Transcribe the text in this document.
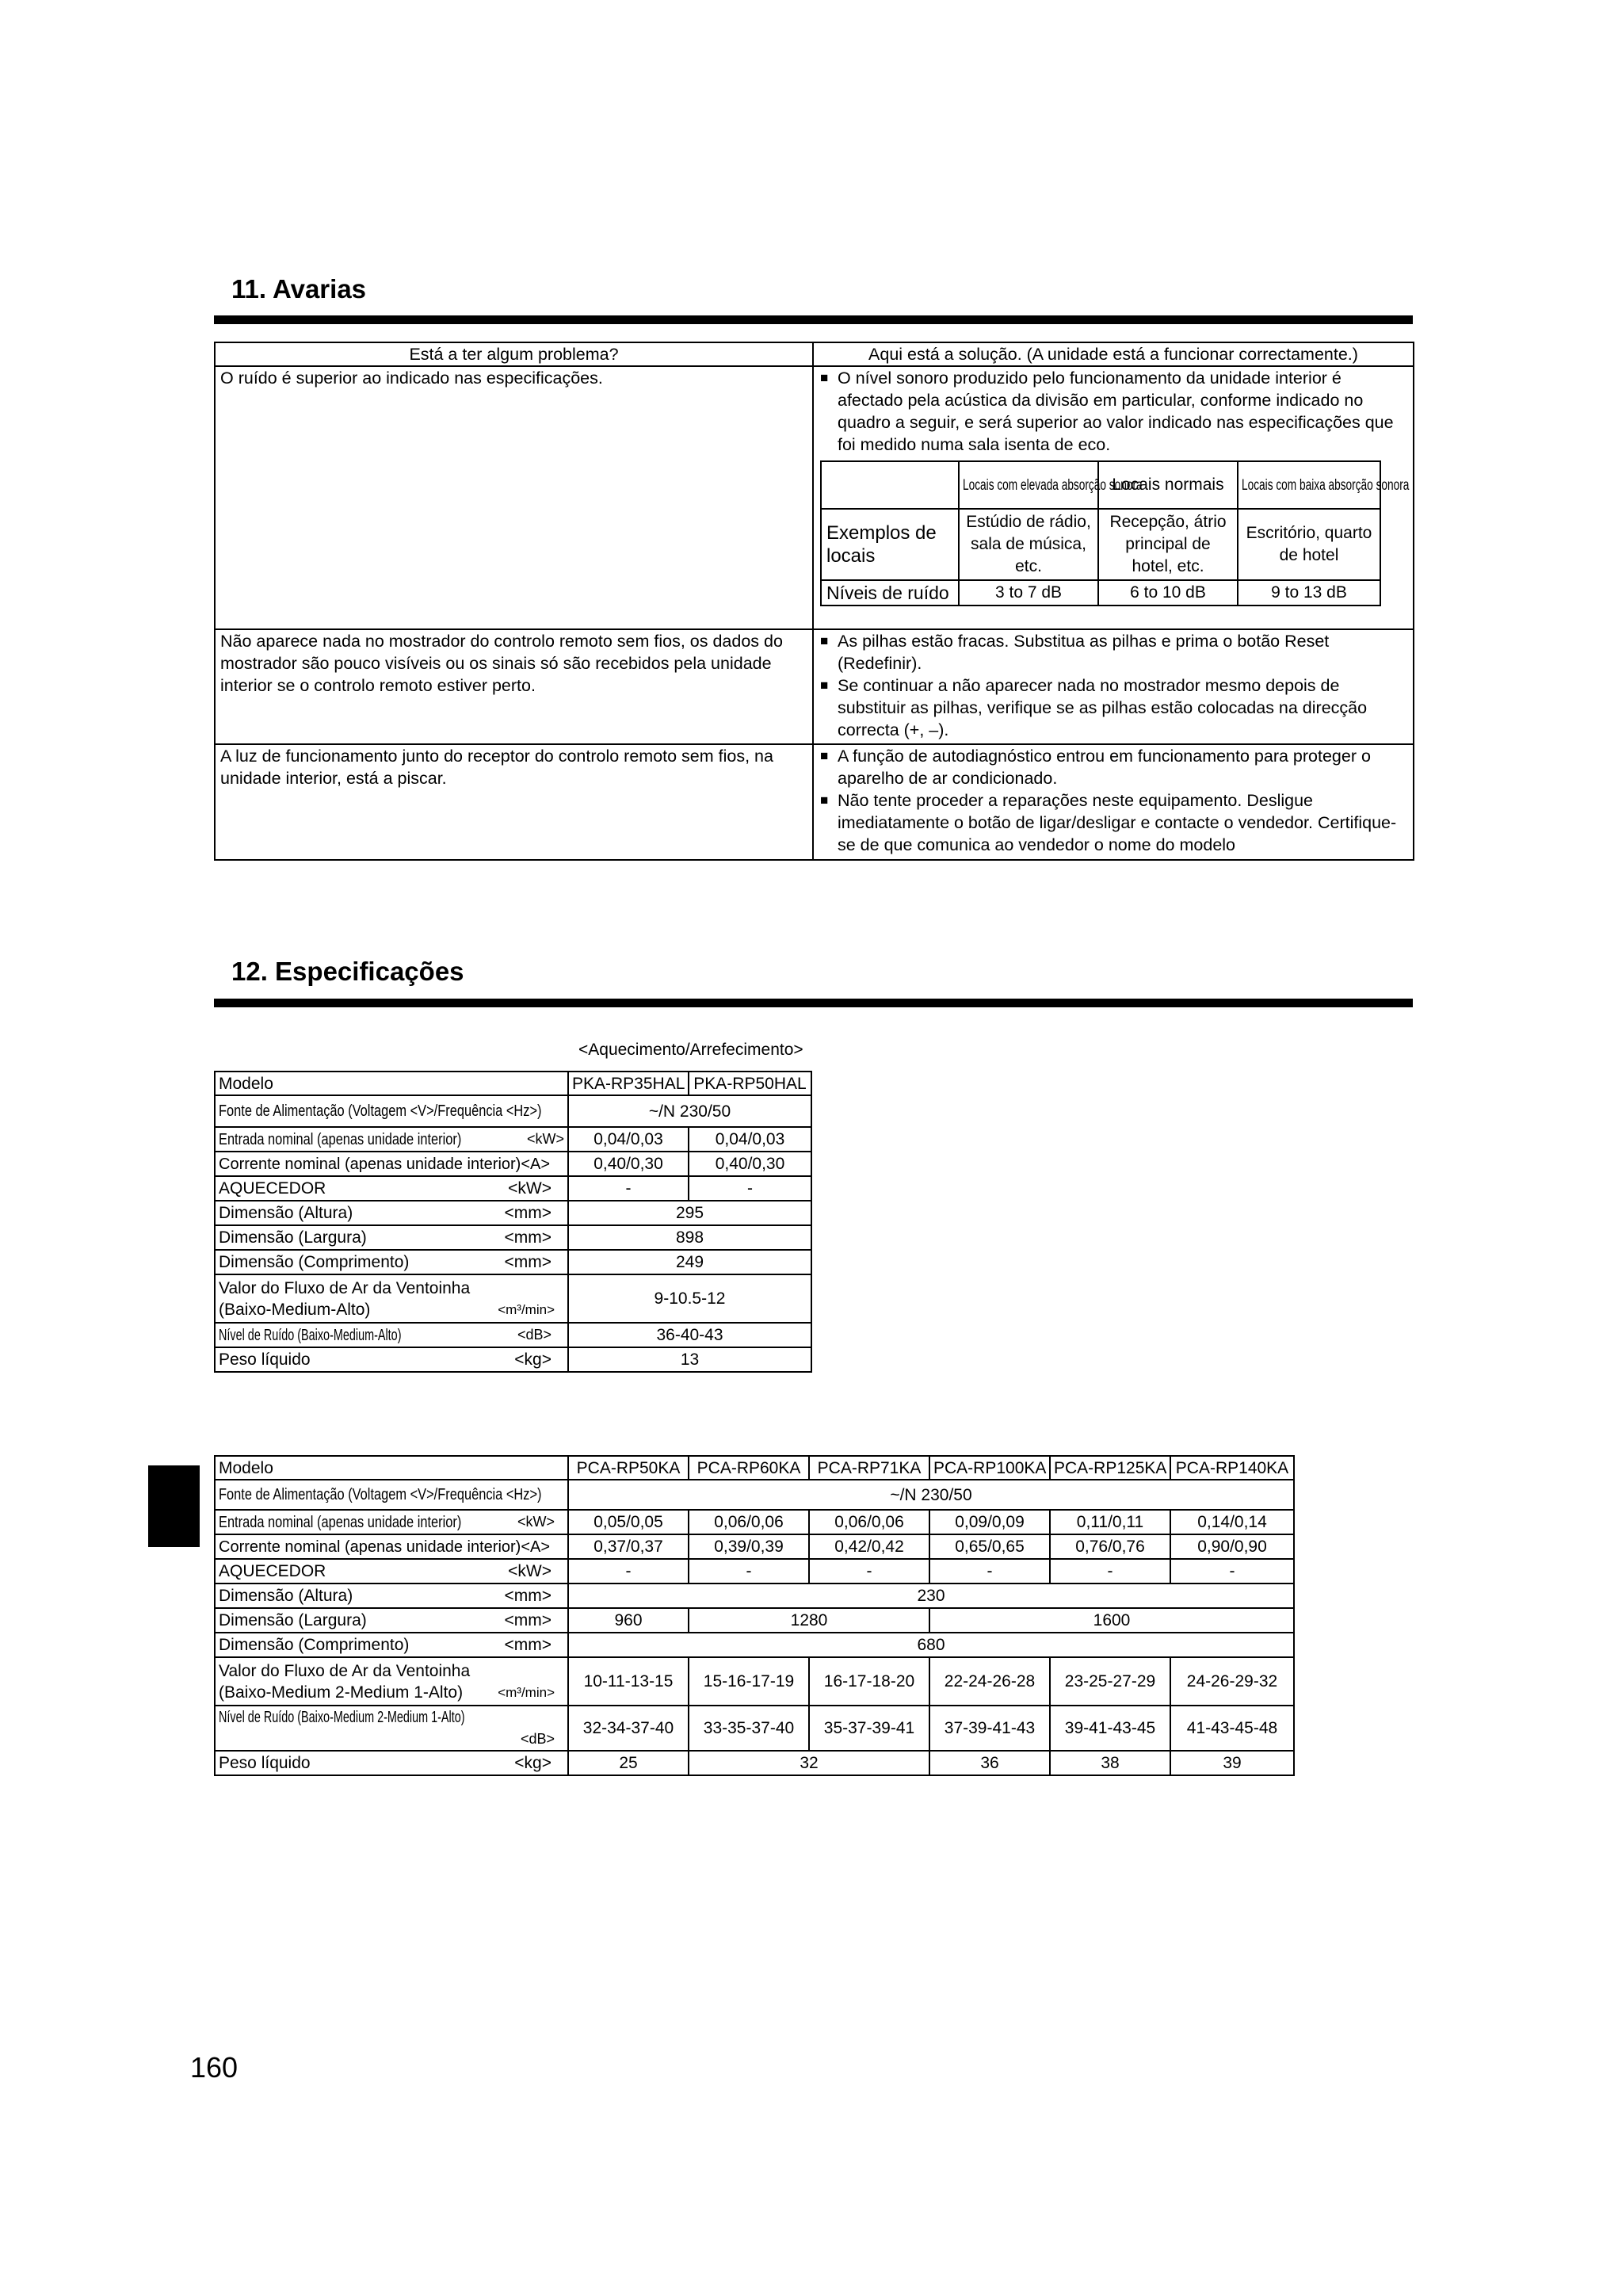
11. Avarias
Está a ter algum problema?	Aqui está a solução. (A unidade está a funcionar correctamente.)
O ruído é superior ao indicado nas especificações.	
■O nível sonoro produzido pelo funcionamento da unidade interior é afectado pela acústica da divisão em particular, conforme indicado no quadro a seguir, e será superior ao valor indicado nas especificações que foi medido numa sala isenta de eco.
	Locais com elevada absorção sonora	Locais normais	Locais com baixa absorção sonora
Exemplos de locais	Estúdio de rádio, sala de música, etc.	Recepção, átrio principal de hotel, etc.	Escritório, quarto de hotel
Níveis de ruído	3 to 7 dB	6 to 10 dB	9 to 13 dB

Não aparece nada no mostrador do controlo remoto sem fios, os dados do mostrador são pouco visíveis ou os sinais só são recebidos pela unidade interior se o controlo remoto estiver perto.	
■ As pilhas estão fracas. Substitua as pilhas e prima o botão Reset (Redefinir).
■ Se continuar a não aparecer nada no mostrador mesmo depois de substituir as pilhas, verifique se as pilhas estão colocadas na direcção correcta (+, –).

A luz de funcionamento junto do receptor do controlo remoto sem fios, na unidade interior, está a piscar.	
■ A função de autodiagnóstico entrou em funcionamento para proteger o aparelho de ar condicionado.
■ Não tente proceder a reparações neste equipamento. Desligue imediatamente o botão de ligar/desligar e contacte o vendedor. Certifique-se de que comunica ao vendedor o nome do modelo
12. Especificações
<Aquecimento/Arrefecimento>
Modelo	PKA-RP35HAL	PKA-RP50HAL
Fonte de Alimentação (Voltagem <V>/Frequência <Hz>)	~/N 230/50	
Entrada nominal (apenas unidade interior) <kW>	0,04/0,03	0,04/0,03
Corrente nominal (apenas unidade interior)<A>	0,40/0,30	0,40/0,30
AQUECEDOR <kW>	-	-
Dimensão (Altura) <mm>	295	
Dimensão (Largura) <mm>	898	
Dimensão (Comprimento) <mm>	249	

Valor do Fluxo de Ar da Ventoinha
(Baixo-Medium-Alto) <m³/min>	9-10.5-12	
Nível de Ruído (Baixo-Medium-Alto) <dB>	36-40-43	
Peso líquido <kg>	13	
Modelo	PCA-RP50KA	PCA-RP60KA	PCA-RP71KA	PCA-RP100KA	PCA-RP125KA	PCA-RP140KA
Fonte de Alimentação (Voltagem <V>/Frequência <Hz>)	~/N 230/50					
Entrada nominal (apenas unidade interior) <kW>	0,05/0,05	0,06/0,06	0,06/0,06	0,09/0,09	0,11/0,11	0,14/0,14
Corrente nominal (apenas unidade interior)<A>	0,37/0,37	0,39/0,39	0,42/0,42	0,65/0,65	0,76/0,76	0,90/0,90
AQUECEDOR <kW>	-	-	-	-	-	-
Dimensão (Altura) <mm>	230					
Dimensão (Largura) <mm>	960	1280		1600		
Dimensão (Comprimento) <mm>	680					

Valor do Fluxo de Ar da Ventoinha
(Baixo-Medium 2-Medium 1-Alto) <m³/min>	10-11-13-15	15-16-17-19	16-17-18-20	22-24-26-28	23-25-27-29	24-26-29-32
Nível de Ruído (Baixo-Medium 2-Medium 1-Alto)
<dB>	32-34-37-40	33-35-37-40	35-37-39-41	37-39-41-43	39-41-43-45	41-43-45-48
Peso líquido <kg>	25	32		36	38	39
160
